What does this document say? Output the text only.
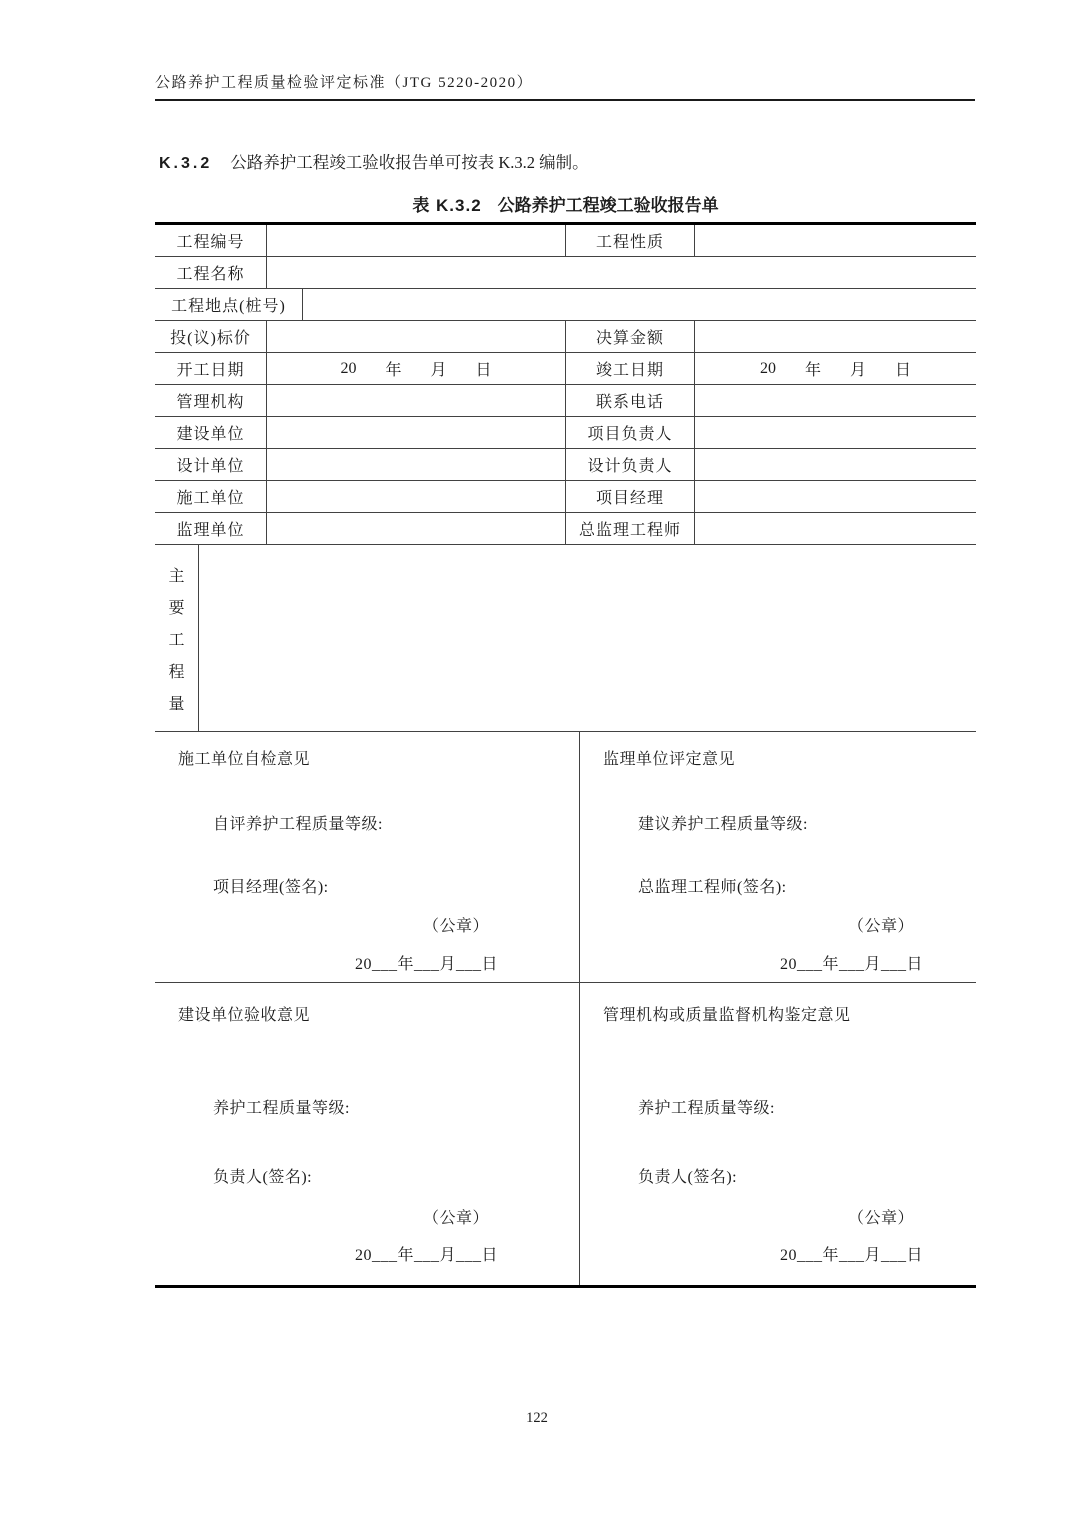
公路养护工程质量检验评定标准（JTG 5220-2020）
K.3.2 公路养护工程竣工验收报告单可按表 K.3.2 编制。
表 K.3.2 公路养护工程竣工验收报告单
工程编号	工程性质
工程名称
工程地点(桩号)
投(议)标价	决算金额
开工日期	20 年 月 日	竣工日期	20 年 月 日
管理机构	联系电话
建设单位	项目负责人
设计单位	设计负责人
施工单位	项目经理
监理单位	总监理工程师
主
要
工
程
量
施工单位自检意见
自评养护工程质量等级:
项目经理(签名):
（公章）
20___年___月___日
监理单位评定意见
建议养护工程质量等级:
总监理工程师(签名):
（公章）
20___年___月___日
建设单位验收意见
养护工程质量等级:
负责人(签名):
（公章）
20___年___月___日
管理机构或质量监督机构鉴定意见
养护工程质量等级:
负责人(签名):
（公章）
20___年___月___日
122
